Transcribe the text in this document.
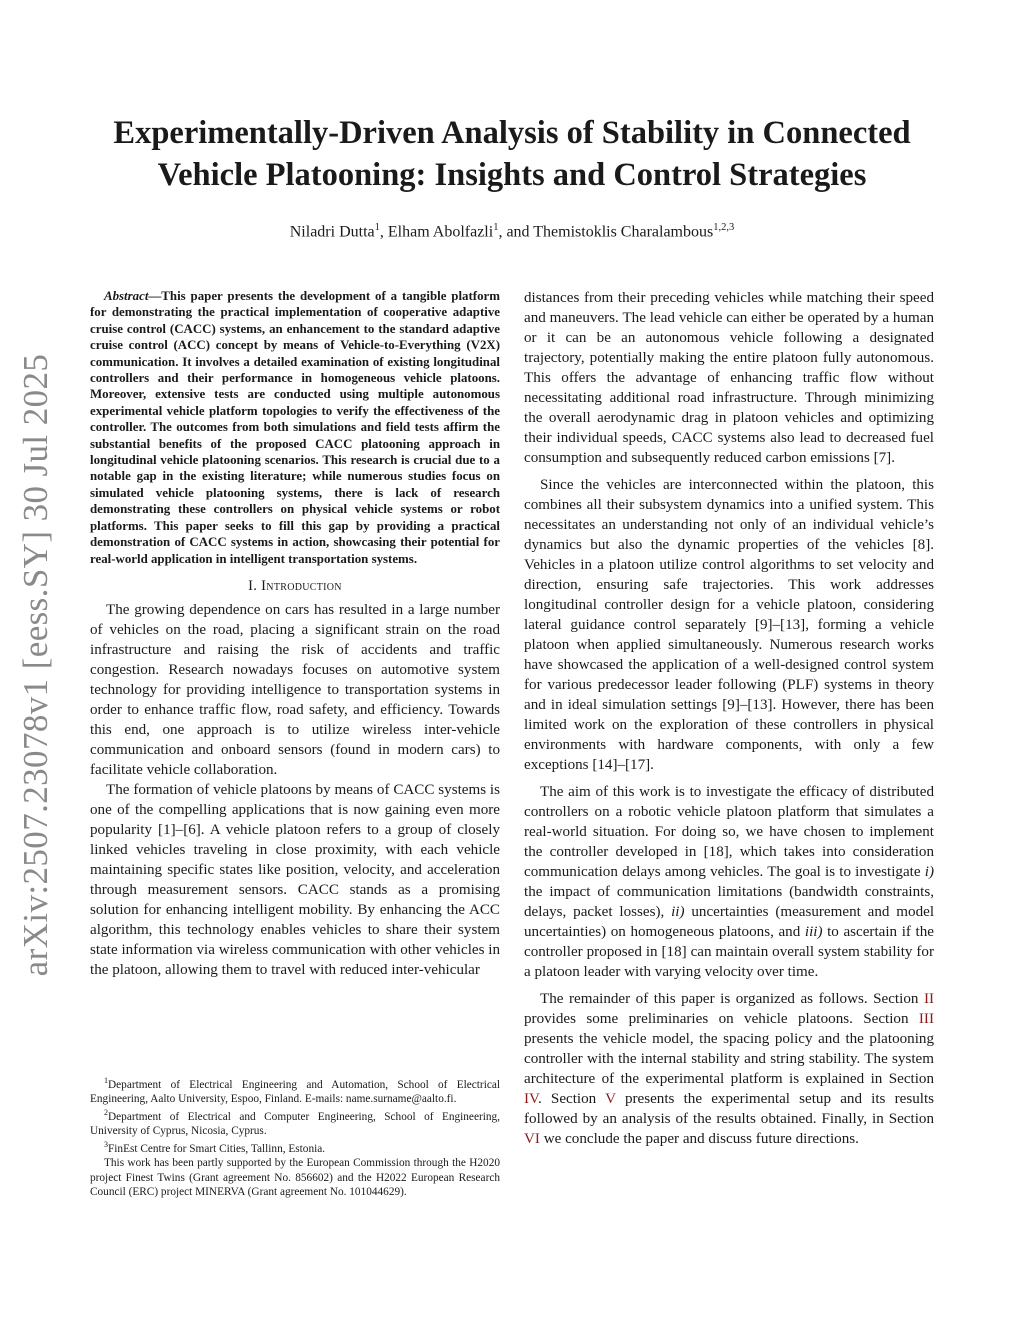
arXiv:2507.23078v1 [eess.SY] 30 Jul 2025
Experimentally-Driven Analysis of Stability in Connected
Vehicle Platooning: Insights and Control Strategies
Niladri Dutta$^1$, Elham Abolfazli$^1$, and Themistoklis Charalambous$^{1,2,3}$

Abstract—This paper presents the development of a tangible platform for demonstrating the practical implementation of cooperative adaptive cruise control (CACC) systems, an enhancement to the standard adaptive cruise control (ACC) concept by means of Vehicle-to-Everything (V2X) communication. It involves a detailed examination of existing longitudinal controllers and their performance in homogeneous vehicle platoons. Moreover, extensive tests are conducted using multiple autonomous experimental vehicle platform topologies to verify the effectiveness of the controller. The outcomes from both simulations and field tests affirm the substantial benefits of the proposed CACC platooning approach in longitudinal vehicle platooning scenarios. This research is crucial due to a notable gap in the existing literature; while numerous studies focus on simulated vehicle platooning systems, there is lack of research demonstrating these controllers on physical vehicle systems or robot platforms. This paper seeks to fill this gap by providing a practical demonstration of CACC systems in action, showcasing their potential for real-world application in intelligent transportation systems.

I. Introduction

The growing dependence on cars has resulted in a large number of vehicles on the road, placing a significant strain on the road infrastructure and raising the risk of accidents and traffic congestion. Research nowadays focuses on automotive system technology for providing intelligence to transportation systems in order to enhance traffic flow, road safety, and efficiency. Towards this end, one approach is to utilize wireless inter-vehicle communication and onboard sensors (found in modern cars) to facilitate vehicle collaboration.

The formation of vehicle platoons by means of CACC systems is one of the compelling applications that is now gaining even more popularity [1]–[6]. A vehicle platoon refers to a group of closely linked vehicles traveling in close proximity, with each vehicle maintaining specific states like position, velocity, and acceleration through measurement sensors. CACC stands as a promising solution for enhancing intelligent mobility. By enhancing the ACC algorithm, this technology enables vehicles to share their system state information via wireless communication with other vehicles in the platoon, allowing them to travel with reduced inter-vehicular

$^1$Department of Electrical Engineering and Automation, School of Electrical Engineering, Aalto University, Espoo, Finland. E-mails: name.surname@aalto.fi.

$^2$Department of Electrical and Computer Engineering, School of Engineering, University of Cyprus, Nicosia, Cyprus.

$^3$FinEst Centre for Smart Cities, Tallinn, Estonia.

This work has been partly supported by the European Commission through the H2020 project Finest Twins (Grant agreement No. 856602) and the H2022 European Research Council (ERC) project MINERVA (Grant agreement No. 101044629).

distances from their preceding vehicles while matching their speed and maneuvers. The lead vehicle can either be operated by a human or it can be an autonomous vehicle following a designated trajectory, potentially making the entire platoon fully autonomous. This offers the advantage of enhancing traffic flow without necessitating additional road infrastructure. Through minimizing the overall aerodynamic drag in platoon vehicles and optimizing their individual speeds, CACC systems also lead to decreased fuel consumption and subsequently reduced carbon emissions [7].

Since the vehicles are interconnected within the platoon, this combines all their subsystem dynamics into a unified system. This necessitates an understanding not only of an individual vehicle’s dynamics but also the dynamic properties of the vehicles [8]. Vehicles in a platoon utilize control algorithms to set velocity and direction, ensuring safe trajectories. This work addresses longitudinal controller design for a vehicle platoon, considering lateral guidance control separately [9]–[13], forming a vehicle platoon when applied simultaneously. Numerous research works have showcased the application of a well-designed control system for various predecessor leader following (PLF) systems in theory and in ideal simulation settings [9]–[13]. However, there has been limited work on the exploration of these controllers in physical environments with hardware components, with only a few exceptions [14]–[17].

The aim of this work is to investigate the efficacy of distributed controllers on a robotic vehicle platoon platform that simulates a real-world situation. For doing so, we have chosen to implement the controller developed in [18], which takes into consideration communication delays among vehicles. The goal is to investigate i) the impact of communication limitations (bandwidth constraints, delays, packet losses), ii) uncertainties (measurement and model uncertainties) on homogeneous platoons, and iii) to ascertain if the controller proposed in [18] can maintain overall system stability for a platoon leader with varying velocity over time.

The remainder of this paper is organized as follows. Section II provides some preliminaries on vehicle platoons. Section III presents the vehicle model, the spacing policy and the platooning controller with the internal stability and string stability. The system architecture of the experimental platform is explained in Section IV. Section V presents the experimental setup and its results followed by an analysis of the results obtained. Finally, in Section VI we conclude the paper and discuss future directions.
